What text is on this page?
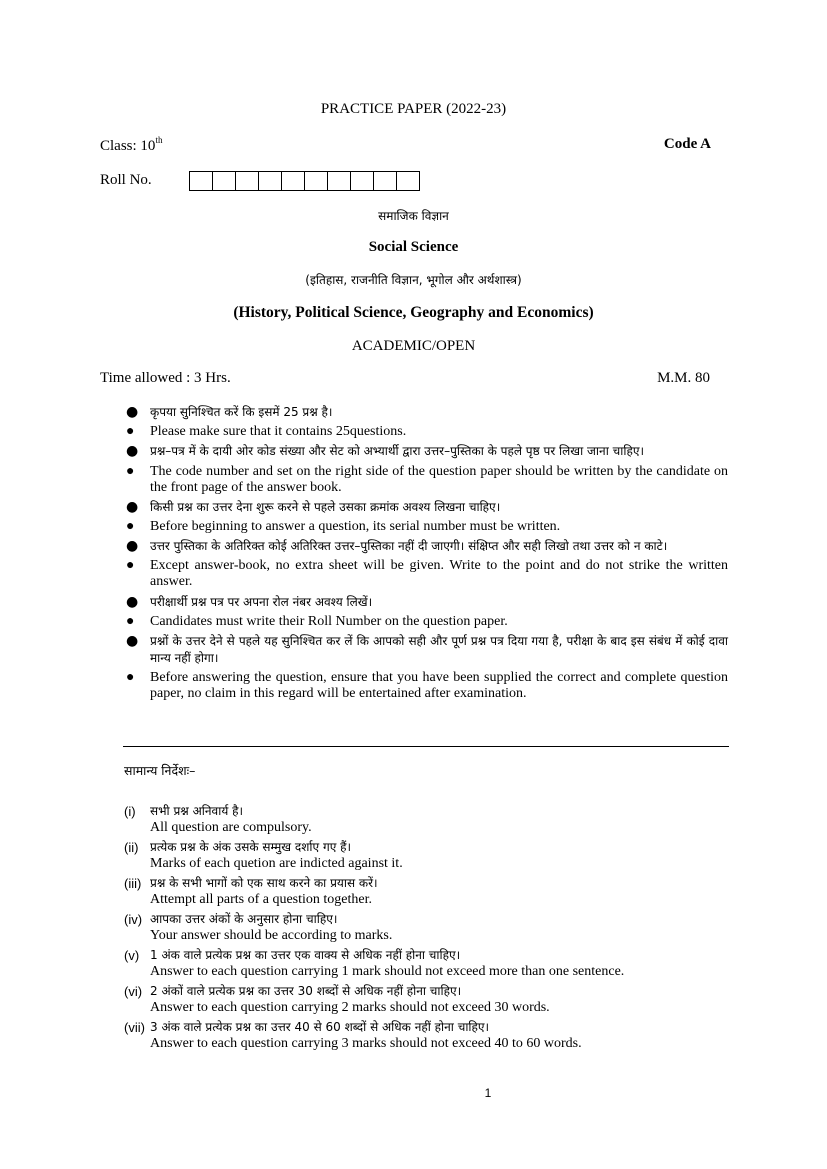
PRACTICE PAPER (2022-23)
Class: 10th	Code A
Roll No.
समाजिक विज्ञान
Social Science
(इतिहास, राजनीति विज्ञान, भूगोल और अर्थशास्त्र)
(History, Political Science, Geography and Economics)
ACADEMIC/OPEN
Time allowed : 3 Hrs.	M.M. 80
● कृपया सुनिश्चित करें कि इसमें 25 प्रश्न है।
● Please make sure that it contains 25questions.
● प्रश्न–पत्र में के दायी ओर कोड संख्या और सेट को अभ्यार्थी द्वारा उत्तर–पुस्तिका के पहले पृष्ठ पर लिखा जाना चाहिए।
● The code number and set on the right side of the question paper should be written by the candidate on the front page of the answer book.
● किसी प्रश्न का उत्तर देना शुरू करने से पहले उसका क्रमांक अवश्य लिखना चाहिए।
● Before beginning to answer a question, its serial number must be written.
● उत्तर पुस्तिका के अतिरिक्त कोई अतिरिक्त उत्तर–पुस्तिका नहीं दी जाएगी। संक्षिप्त और सही लिखो तथा उत्तर को न काटे।
● Except answer-book, no extra sheet will be given. Write to the point and do not strike the written answer.
● परीक्षार्थी प्रश्न पत्र पर अपना रोल नंबर अवश्य लिखें।
● Candidates must write their Roll Number on the question paper.
● प्रश्नों के उत्तर देने से पहले यह सुनिश्चित कर लें कि आपको सही और पूर्ण प्रश्न पत्र दिया गया है, परीक्षा के बाद इस संबंध में कोई दावा मान्य नहीं होगा।
● Before answering the question, ensure that you have been supplied the correct and complete question paper, no claim in this regard will be entertained after examination.
सामान्य निर्देशः–
(i) सभी प्रश्न अनिवार्य है।
All question are compulsory.
(ii) प्रत्येक प्रश्न के अंक उसके सम्मुख दर्शाए गए हैं।
Marks of each quetion are indicted against it.
(iii) प्रश्न के सभी भागों को एक साथ करने का प्रयास करें।
Attempt all parts of a question together.
(iv) आपका उत्तर अंकों के अनुसार होना चाहिए।
Your answer should be according to marks.
(v) 1 अंक वाले प्रत्येक प्रश्न का उत्तर एक वाक्य से अधिक नहीं होना चाहिए।
Answer to each question carrying 1 mark should not exceed more than one sentence.
(vi) 2 अंकों वाले प्रत्येक प्रश्न का उत्तर 30 शब्दों से अधिक नहीं होना चाहिए।
Answer to each question carrying 2 marks should not exceed 30 words.
(vii) 3 अंक वाले प्रत्येक प्रश्न का उत्तर 40 से 60 शब्दों से अधिक नहीं होना चाहिए।
Answer to each question carrying 3 marks should not exceed 40 to 60 words.
1
